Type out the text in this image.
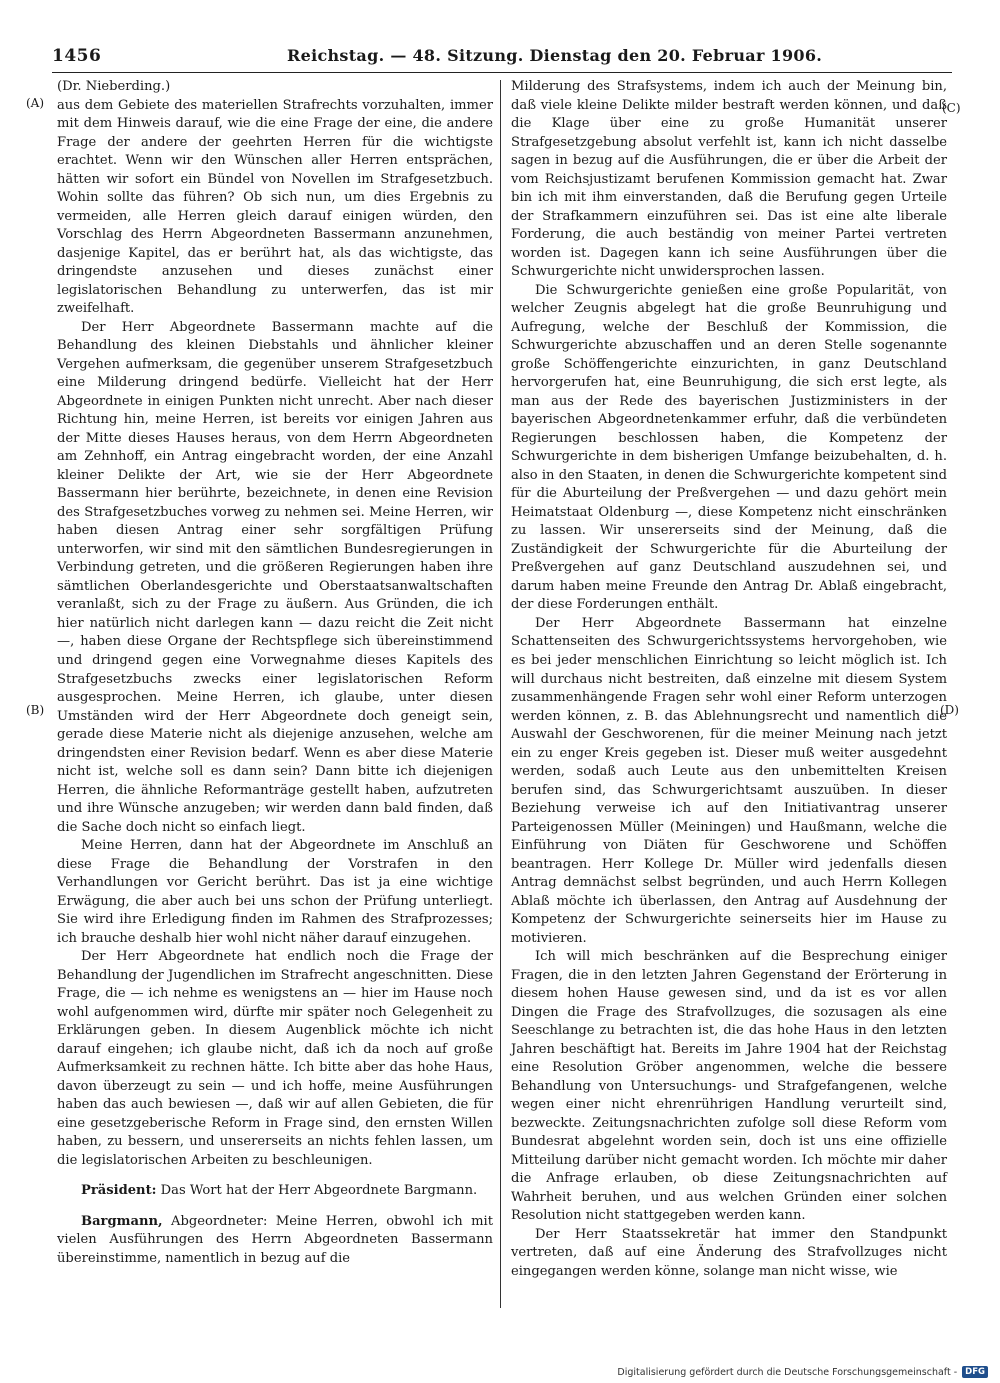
1456	Reichstag. — 48. Sitzung. Dienstag den 20. Februar 1906.
(A)
(B)
(C)
(D)

(Dr. Nieberding.)

aus dem Gebiete des materiellen Strafrechts vorzuhalten, immer mit dem Hinweis darauf, wie die eine Frage der eine, die andere Frage der andere der geehrten Herren für die wichtigste erachtet. Wenn wir den Wünschen aller Herren entsprächen, hätten wir sofort ein Bündel von Novellen im Strafgesetzbuch. Wohin sollte das führen? Ob sich nun, um dies Ergebnis zu vermeiden, alle Herren gleich darauf einigen würden, den Vorschlag des Herrn Abgeordneten Bassermann anzunehmen, dasjenige Kapitel, das er berührt hat, als das wichtigste, das dringendste anzusehen und dieses zunächst einer legislatorischen Behandlung zu unterwerfen, das ist mir zweifelhaft.

Der Herr Abgeordnete Bassermann machte auf die Behandlung des kleinen Diebstahls und ähnlicher kleiner Vergehen aufmerksam, die gegenüber unserem Strafgesetzbuch eine Milderung dringend bedürfe. Vielleicht hat der Herr Abgeordnete in einigen Punkten nicht unrecht. Aber nach dieser Richtung hin, meine Herren, ist bereits vor einigen Jahren aus der Mitte dieses Hauses heraus, von dem Herrn Abgeordneten am Zehnhoff, ein Antrag eingebracht worden, der eine Anzahl kleiner Delikte der Art, wie sie der Herr Abgeordnete Bassermann hier berührte, bezeichnete, in denen eine Revision des Strafgesetzbuches vorweg zu nehmen sei. Meine Herren, wir haben diesen Antrag einer sehr sorgfältigen Prüfung unterworfen, wir sind mit den sämtlichen Bundesregierungen in Verbindung getreten, und die größeren Regierungen haben ihre sämtlichen Oberlandesgerichte und Oberstaatsanwaltschaften veranlaßt, sich zu der Frage zu äußern. Aus Gründen, die ich hier natürlich nicht darlegen kann — dazu reicht die Zeit nicht —, haben diese Organe der Rechtspflege sich übereinstimmend und dringend gegen eine Vorwegnahme dieses Kapitels des Strafgesetzbuchs zwecks einer legislatorischen Reform ausgesprochen. Meine Herren, ich glaube, unter diesen Umständen wird der Herr Abgeordnete doch geneigt sein, gerade diese Materie nicht als diejenige anzusehen, welche am dringendsten einer Revision bedarf. Wenn es aber diese Materie nicht ist, welche soll es dann sein? Dann bitte ich diejenigen Herren, die ähnliche Reformanträge gestellt haben, aufzutreten und ihre Wünsche anzugeben; wir werden dann bald finden, daß die Sache doch nicht so einfach liegt.

Meine Herren, dann hat der Abgeordnete im Anschluß an diese Frage die Behandlung der Vorstrafen in den Verhandlungen vor Gericht berührt. Das ist ja eine wichtige Erwägung, die aber auch bei uns schon der Prüfung unterliegt. Sie wird ihre Erledigung finden im Rahmen des Strafprozesses; ich brauche deshalb hier wohl nicht näher darauf einzugehen.

Der Herr Abgeordnete hat endlich noch die Frage der Behandlung der Jugendlichen im Strafrecht angeschnitten. Diese Frage, die — ich nehme es wenigstens an — hier im Hause noch wohl aufgenommen wird, dürfte mir später noch Gelegenheit zu Erklärungen geben. In diesem Augenblick möchte ich nicht darauf eingehen; ich glaube nicht, daß ich da noch auf große Aufmerksamkeit zu rechnen hätte. Ich bitte aber das hohe Haus, davon überzeugt zu sein — und ich hoffe, meine Ausführungen haben das auch bewiesen —, daß wir auf allen Gebieten, die für eine gesetzgeberische Reform in Frage sind, den ernsten Willen haben, zu bessern, und unsererseits an nichts fehlen lassen, um die legislatorischen Arbeiten zu beschleunigen.

Präsident: Das Wort hat der Herr Abgeordnete Bargmann.

Bargmann, Abgeordneter: Meine Herren, obwohl ich mit vielen Ausführungen des Herrn Abgeordneten Bassermann übereinstimme, namentlich in bezug auf die

Milderung des Strafsystems, indem ich auch der Meinung bin, daß viele kleine Delikte milder bestraft werden können, und daß die Klage über eine zu große Humanität unserer Strafgesetzgebung absolut verfehlt ist, kann ich nicht dasselbe sagen in bezug auf die Ausführungen, die er über die Arbeit der vom Reichsjustizamt berufenen Kommission gemacht hat. Zwar bin ich mit ihm einverstanden, daß die Berufung gegen Urteile der Strafkammern einzuführen sei. Das ist eine alte liberale Forderung, die auch beständig von meiner Partei vertreten worden ist. Dagegen kann ich seine Ausführungen über die Schwurgerichte nicht unwidersprochen lassen.

Die Schwurgerichte genießen eine große Popularität, von welcher Zeugnis abgelegt hat die große Beunruhigung und Aufregung, welche der Beschluß der Kommission, die Schwurgerichte abzuschaffen und an deren Stelle sogenannte große Schöffengerichte einzurichten, in ganz Deutschland hervorgerufen hat, eine Beunruhigung, die sich erst legte, als man aus der Rede des bayerischen Justizministers in der bayerischen Abgeordnetenkammer erfuhr, daß die verbündeten Regierungen beschlossen haben, die Kompetenz der Schwurgerichte in dem bisherigen Umfange beizubehalten, d. h. also in den Staaten, in denen die Schwurgerichte kompetent sind für die Aburteilung der Preßvergehen — und dazu gehört mein Heimatstaat Oldenburg —, diese Kompetenz nicht einschränken zu lassen. Wir unsererseits sind der Meinung, daß die Zuständigkeit der Schwurgerichte für die Aburteilung der Preßvergehen auf ganz Deutschland auszudehnen sei, und darum haben meine Freunde den Antrag Dr. Ablaß eingebracht, der diese Forderungen enthält.

Der Herr Abgeordnete Bassermann hat einzelne Schattenseiten des Schwurgerichtssystems hervorgehoben, wie es bei jeder menschlichen Einrichtung so leicht möglich ist. Ich will durchaus nicht bestreiten, daß einzelne mit diesem System zusammenhängende Fragen sehr wohl einer Reform unterzogen werden können, z. B. das Ablehnungsrecht und namentlich die Auswahl der Geschworenen, für die meiner Meinung nach jetzt ein zu enger Kreis gegeben ist. Dieser muß weiter ausgedehnt werden, sodaß auch Leute aus den unbemittelten Kreisen berufen sind, das Schwurgerichtsamt auszuüben. In dieser Beziehung verweise ich auf den Initiativantrag unserer Parteigenossen Müller (Meiningen) und Haußmann, welche die Einführung von Diäten für Geschworene und Schöffen beantragen. Herr Kollege Dr. Müller wird jedenfalls diesen Antrag demnächst selbst begründen, und auch Herrn Kollegen Ablaß möchte ich überlassen, den Antrag auf Ausdehnung der Kompetenz der Schwurgerichte seinerseits hier im Hause zu motivieren.

Ich will mich beschränken auf die Besprechung einiger Fragen, die in den letzten Jahren Gegenstand der Erörterung in diesem hohen Hause gewesen sind, und da ist es vor allen Dingen die Frage des Strafvollzuges, die sozusagen als eine Seeschlange zu betrachten ist, die das hohe Haus in den letzten Jahren beschäftigt hat. Bereits im Jahre 1904 hat der Reichstag eine Resolution Gröber angenommen, welche die bessere Behandlung von Untersuchungs- und Strafgefangenen, welche wegen einer nicht ehrenrührigen Handlung verurteilt sind, bezweckte. Zeitungsnachrichten zufolge soll diese Reform vom Bundesrat abgelehnt worden sein, doch ist uns eine offizielle Mitteilung darüber nicht gemacht worden. Ich möchte mir daher die Anfrage erlauben, ob diese Zeitungsnachrichten auf Wahrheit beruhen, und aus welchen Gründen einer solchen Resolution nicht stattgegeben werden kann.

Der Herr Staatssekretär hat immer den Standpunkt vertreten, daß auf eine Änderung des Strafvollzuges nicht eingegangen werden könne, solange man nicht wisse, wie

Digitalisierung gefördert durch die Deutsche Forschungsgemeinschaft - DFG
